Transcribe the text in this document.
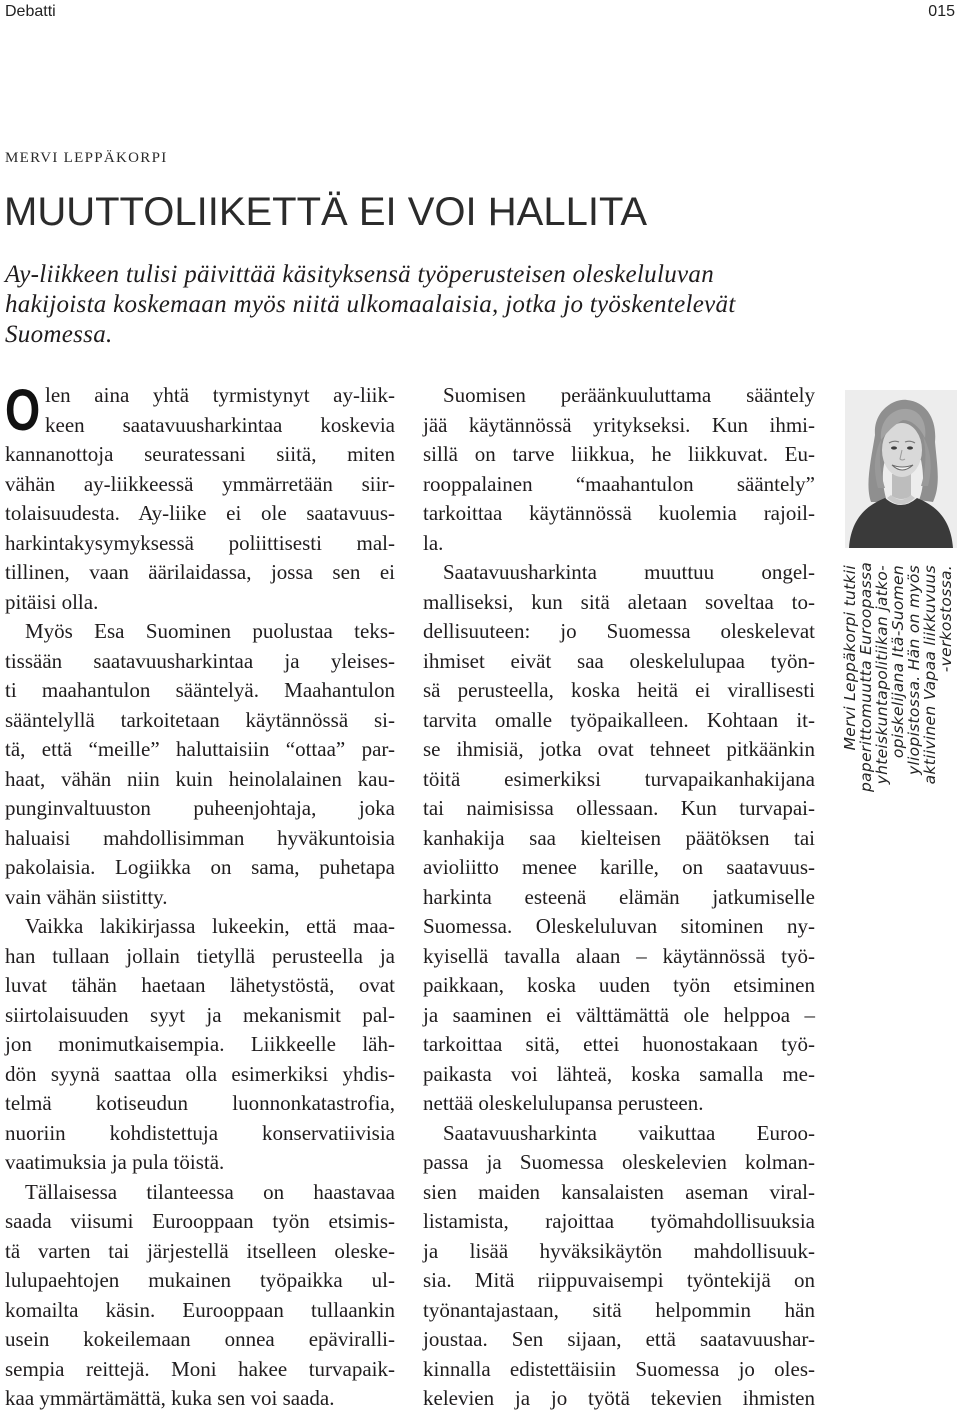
Debatti	015
MERVI LEPPÄKORPI
MUUTTOLIIKETTÄ EI VOI HALLITA
Ay-liikkeen tulisi päivittää käsityksensä työperusteisen oleskeluluvan
hakijoista koskemaan myös niitä ulkomaalaisia, jotka jo työskentelevät
Suomessa.
O len aina yhtä tyrmistynyt ay-liik-
keen saatavuusharkintaa koskevia
kannanottoja seuratessani siitä, miten
vähän ay-liikkeessä ymmärretään siir-
tolaisuudesta. Ay-liike ei ole saatavuus-
harkintakysymyksessä poliittisesti mal-
tillinen, vaan äärilaidassa, jossa sen ei
pitäisi olla.
Myös Esa Suominen puolustaa teks-
tissään saatavuusharkintaa ja yleises-
ti maahantulon sääntelyä. Maahantulon
sääntelyllä tarkoitetaan käytännössä si-
tä, että “meille” haluttaisiin “ottaa” par-
haat, vähän niin kuin heinolalainen kau-
punginvaltuuston puheenjohtaja, joka
haluaisi mahdollisimman hyväkuntoisia
pakolaisia. Logiikka on sama, puhetapa
vain vähän siistitty.
Vaikka lakikirjassa lukeekin, että maa-
han tullaan jollain tietyllä perusteella ja
luvat tähän haetaan lähetystöstä, ovat
siirtolaisuuden syyt ja mekanismit pal-
jon monimutkaisempia. Liikkeelle läh-
dön syynä saattaa olla esimerkiksi yhdis-
telmä kotiseudun luonnonkatastrofia,
nuoriin kohdistettuja konservatiivisia
vaatimuksia ja pula töistä.
Tällaisessa tilanteessa on haastavaa
saada viisumi Eurooppaan työn etsimis-
tä varten tai järjestellä itselleen oleske-
lulupaehtojen mukainen työpaikka ul-
komailta käsin. Eurooppaan tullaankin
usein kokeilemaan onnea epäviralli-
sempia reittejä. Moni hakee turvapaik-
kaa ymmärtämättä, kuka sen voi saada.
Suomisen peräänkuuluttama sääntely
jää käytännössä yritykseksi. Kun ihmi-
sillä on tarve liikkua, he liikkuvat. Eu-
rooppalainen “maahantulon sääntely”
tarkoittaa käytännössä kuolemia rajoil-
la.
Saatavuusharkinta muuttuu ongel-
malliseksi, kun sitä aletaan soveltaa to-
dellisuuteen: jo Suomessa oleskelevat
ihmiset eivät saa oleskelulupaa työn-
sä perusteella, koska heitä ei virallisesti
tarvita omalle työpaikalleen. Kohtaan it-
se ihmisiä, jotka ovat tehneet pitkäänkin
töitä esimerkiksi turvapaikanhakijana
tai naimisissa ollessaan. Kun turvapai-
kanhakija saa kielteisen päätöksen tai
avioliitto menee karille, on saatavuus-
harkinta esteenä elämän jatkumiselle
Suomessa. Oleskeluluvan sitominen ny-
kyisellä tavalla alaan – käytännössä työ-
paikkaan, koska uuden työn etsiminen
ja saaminen ei välttämättä ole helppoa –
tarkoittaa sitä, ettei huonostakaan työ-
paikasta voi lähteä, koska samalla me-
nettää oleskelulupansa perusteen.
Saatavuusharkinta vaikuttaa Euroo-
passa ja Suomessa oleskelevien kolman-
sien maiden kansalaisten aseman viral-
listamista, rajoittaa työmahdollisuuksia
ja lisää hyväksikäytön mahdollisuuk-
sia. Mitä riippuvaisempi työntekijä on
työnantajastaan, sitä helpommin hän
joustaa. Sen sijaan, että saatavuushar-
kinnalla edistettäisiin Suomessa jo oles-
kelevien ja jo työtä tekevien ihmisten
Mervi Leppäkorpi tutkii
paperittomuutta Euroopassa
yhteiskuntapolitiikan jatko-
opiskelijana Itä-Suomen
yliopistossa. Hän on myös
aktiivinen Vapaa liikkuvuus
-verkostossa.
